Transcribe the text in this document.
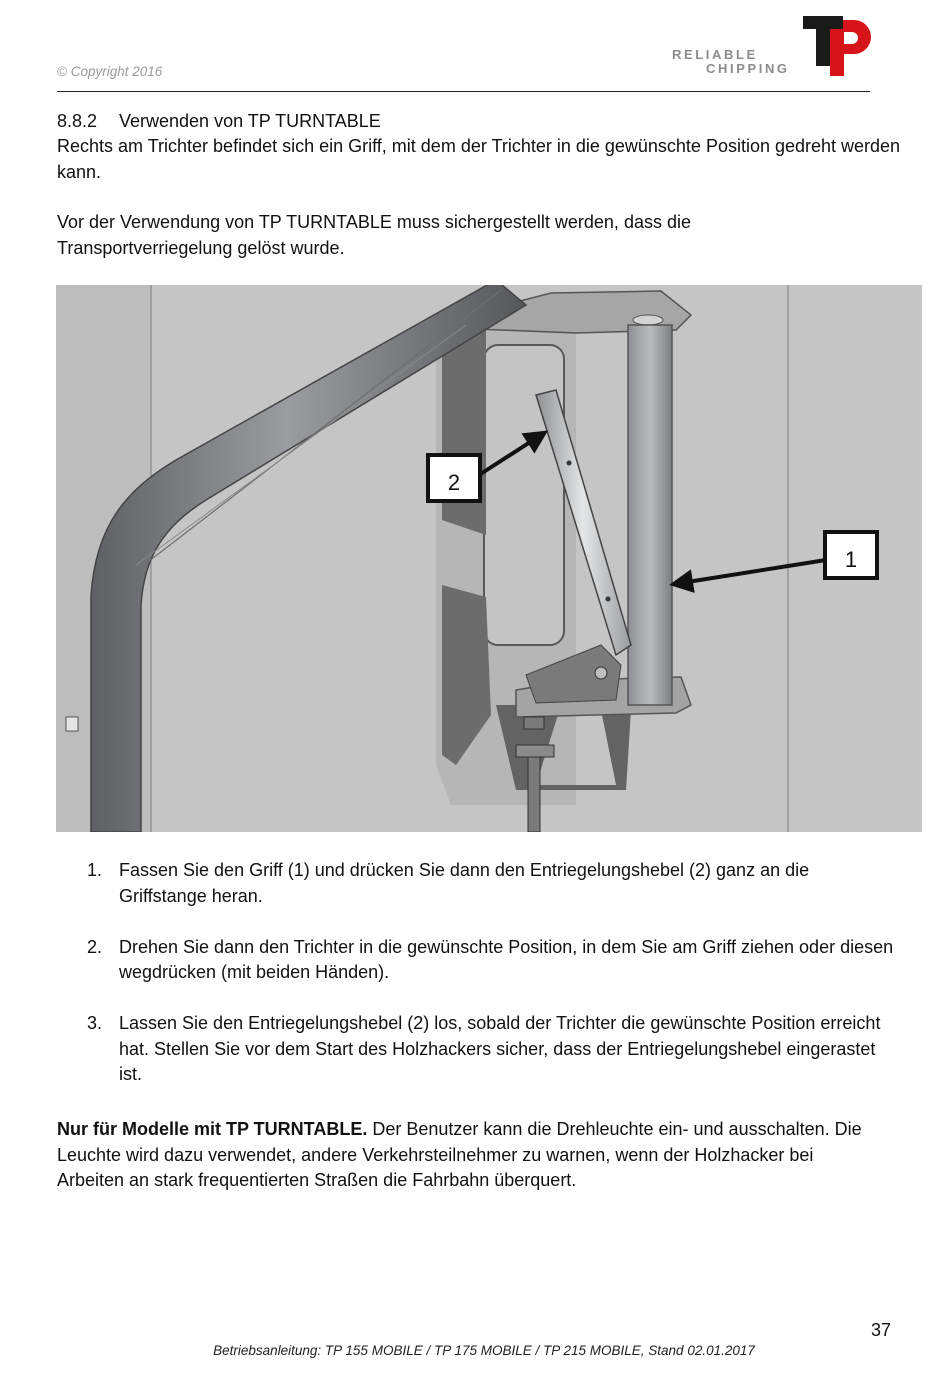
© Copyright 2016
RELIABLE
CHIPPING
8.8.2 Verwenden von TP TURNTABLE
Rechts am Trichter befindet sich ein Griff, mit dem der Trichter in die gewünschte Position gedreht werden kann.
Vor der Verwendung von TP TURNTABLE muss sichergestellt werden, dass die Transportverriegelung gelöst wurde.
2
1
1. Fassen Sie den Griff (1) und drücken Sie dann den Entriegelungshebel (2) ganz an die Griffstange heran.
2. Drehen Sie dann den Trichter in die gewünschte Position, in dem Sie am Griff ziehen oder diesen wegdrücken (mit beiden Händen).
3. Lassen Sie den Entriegelungshebel (2) los, sobald der Trichter die gewünschte Position erreicht hat. Stellen Sie vor dem Start des Holzhackers sicher, dass der Entriegelungshebel eingerastet ist.
Nur für Modelle mit TP TURNTABLE. Der Benutzer kann die Drehleuchte ein- und ausschalten. Die Leuchte wird dazu verwendet, andere Verkehrsteilnehmer zu warnen, wenn der Holzhacker bei Arbeiten an stark frequentierten Straßen die Fahrbahn überquert.
37
Betriebsanleitung: TP 155 MOBILE / TP 175 MOBILE / TP 215 MOBILE, Stand 02.01.2017
